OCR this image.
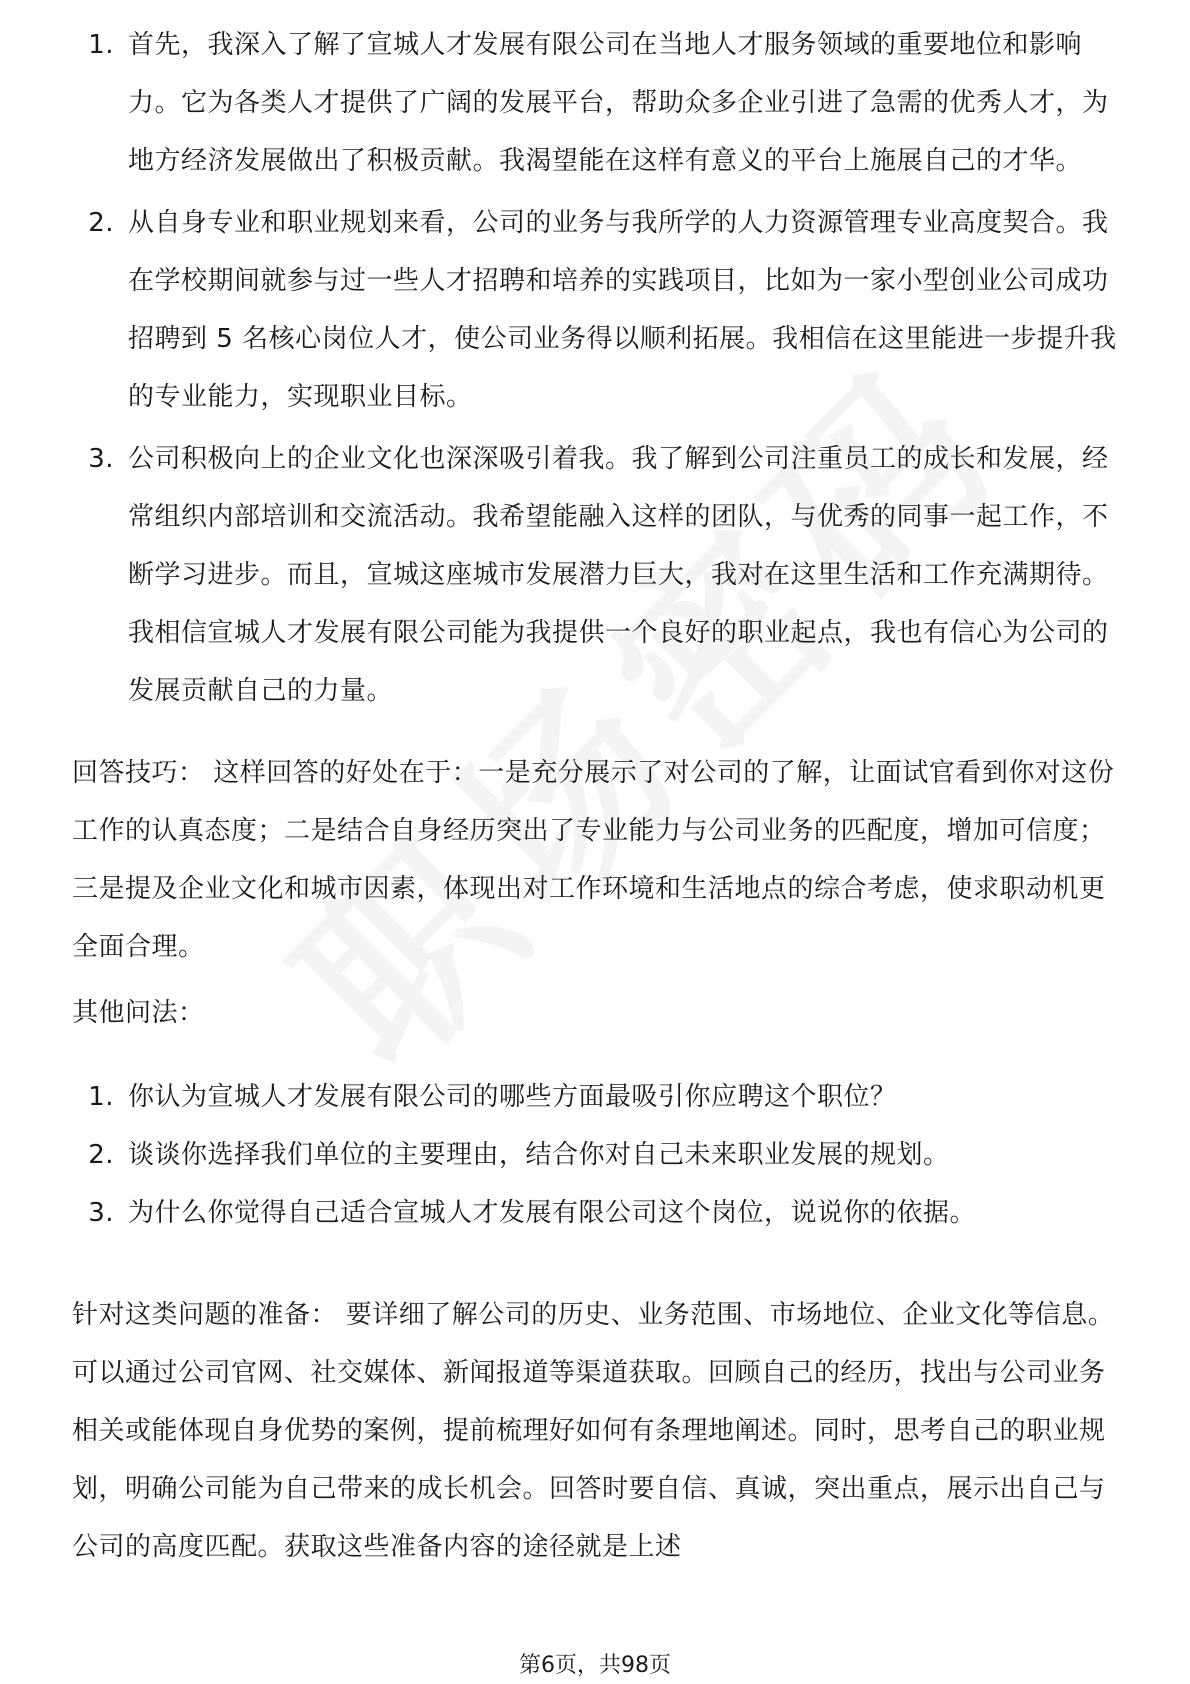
1. 首先，我深入了解了宣城人才发展有限公司在当地人才服务领域的重要地位和影响力。它为各类人才提供了广阔的发展平台，帮助众多企业引进了急需的优秀人才，为地方经济发展做出了积极贡献。我渴望能在这样有意义的平台上施展自己的才华。
2. 从自身专业和职业规划来看，公司的业务与我所学的人力资源管理专业高度契合。我在学校期间就参与过一些人才招聘和培养的实践项目，比如为一家小型创业公司成功招聘到 5 名核心岗位人才，使公司业务得以顺利拓展。我相信在这里能进一步提升我的专业能力，实现职业目标。
3. 公司积极向上的企业文化也深深吸引着我。我了解到公司注重员工的成长和发展，经常组织内部培训和交流活动。我希望能融入这样的团队，与优秀的同事一起工作，不断学习进步。而且，宣城这座城市发展潜力巨大，我对在这里生活和工作充满期待。我相信宣城人才发展有限公司能为我提供一个良好的职业起点，我也有信心为公司的发展贡献自己的力量。
回答技巧： 这样回答的好处在于：一是充分展示了对公司的了解，让面试官看到你对这份工作的认真态度；二是结合自身经历突出了专业能力与公司业务的匹配度，增加可信度；三是提及企业文化和城市因素，体现出对工作环境和生活地点的综合考虑，使求职动机更全面合理。
其他问法：
1. 你认为宣城人才发展有限公司的哪些方面最吸引你应聘这个职位？
2. 谈谈你选择我们单位的主要理由，结合你对自己未来职业发展的规划。
3. 为什么你觉得自己适合宣城人才发展有限公司这个岗位，说说你的依据。
针对这类问题的准备： 要详细了解公司的历史、业务范围、市场地位、企业文化等信息。可以通过公司官网、社交媒体、新闻报道等渠道获取。回顾自己的经历，找出与公司业务相关或能体现自身优势的案例，提前梳理好如何有条理地阐述。同时，思考自己的职业规划，明确公司能为自己带来的成长机会。回答时要自信、真诚，突出重点，展示出自己与公司的高度匹配。获取这些准备内容的途径就是上述
第6页，共98页
